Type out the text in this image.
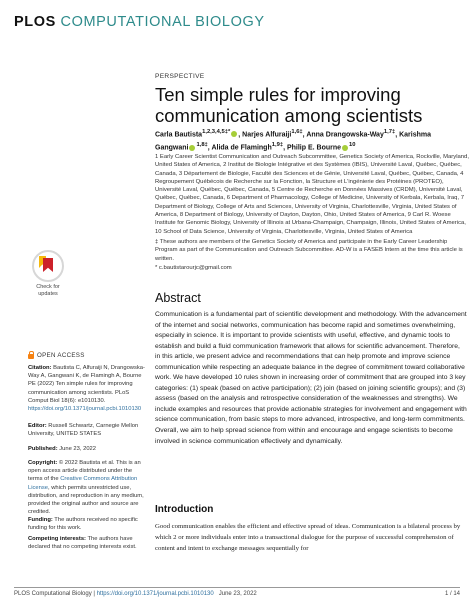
PLOS COMPUTATIONAL BIOLOGY
PERSPECTIVE
Ten simple rules for improving communication among scientists
Carla Bautista$^{1,2,3,4,5\ddagger*}$ , Narjes Alfuraiji$^{1,6\ddagger}$, Anna Drangowska-Way$^{1,7\ddagger}$, Karishma Gangwani $^{1,8\ddagger}$, Alida de Flamingh$^{1,9\ddagger}$, Philip E. Bourne $^{10}$
1 Early Career Scientist Communication and Outreach Subcommittee, Genetics Society of America, Rockville, Maryland, United States of America, 2 Institut de Biologie Intégrative et des Systèmes (IBIS), Université Laval, Québec, Québec, Canada, 3 Département de Biologie, Faculté des Sciences et de Génie, Université Laval, Québec, Québec, Canada, 4 Regroupement Québécois de Recherche sur la Fonction, la Structure et L'ingénierie des Protéines (PROTEO), Université Laval, Québec, Québec, Canada, 5 Centre de Recherche en Données Massives (CRDM), Université Laval, Québec, Québec, Canada, 6 Department of Pharmacology, College of Medicine, University of Kerbala, Kerbala, Iraq, 7 Department of Biology, College of Arts and Sciences, University of Virginia, Charlottesville, Virginia, United States of America, 8 Department of Biology, University of Dayton, Dayton, Ohio, United States of America, 9 Carl R. Woese Institute for Genomic Biology, University of Illinois at Urbana-Champaign, Champaign, Illinois, United States of America, 10 School of Data Science, University of Virginia, Charlottesville, Virginia, United States of America
‡ These authors are members of the Genetics Society of America and participate in the Early Career Leadership Program as part of the Communication and Outreach Subcommittee. AD-W is a FASEB Intern at the time this article is written.
* c.bautistarourjc@gmail.com
Abstract
Communication is a fundamental part of scientific development and methodology. With the advancement of the internet and social networks, communication has become rapid and sometimes overwhelming, especially in science. It is important to provide scientists with useful, effective, and dynamic tools to establish and build a fluid communication framework that allows for scientific advancement. Therefore, in this article, we present advice and recommendations that can help promote and improve science communication while respecting an adequate balance in the degree of commitment toward collaborative work. We have developed 10 rules shown in increasing order of commitment that are grouped into 3 key categories: (1) speak (based on active participation); (2) join (based on joining scientific groups); and (3) assess (based on the analysis and retrospective consideration of the weaknesses and strengths). We include examples and resources that provide actionable strategies for involvement and engagement with science communication, from basic steps to more advanced, introspective, and long-term commitments. Overall, we aim to help spread science from within and encourage and engage scientists to become involved in science communication effectively and dynamically.
Introduction
Good communication enables the efficient and effective spread of ideas. Communication is a bilateral process by which 2 or more individuals enter into a transactional dialogue for the purpose of successful comprehension of content and intent to exchange messages sequentially for
Check for updates
OPEN ACCESS
Citation: Bautista C, Alfuraiji N, Drangowska-Way A, Gangwani K, de Flamingh A, Bourne PE (2022) Ten simple rules for improving communication among scientists. PLoS Comput Biol 18(6): e1010130. https://doi.org/10.1371/journal.pcbi.1010130
Editor: Russell Schwartz, Carnegie Mellon University, UNITED STATES
Published: June 23, 2022
Copyright: © 2022 Bautista et al. This is an open access article distributed under the terms of the Creative Commons Attribution License, which permits unrestricted use, distribution, and reproduction in any medium, provided the original author and source are credited.
Funding: The authors received no specific funding for this work.
Competing interests: The authors have declared that no competing interests exist.
PLOS Computational Biology | https://doi.org/10.1371/journal.pcbi.1010130 June 23, 2022	1 / 14
